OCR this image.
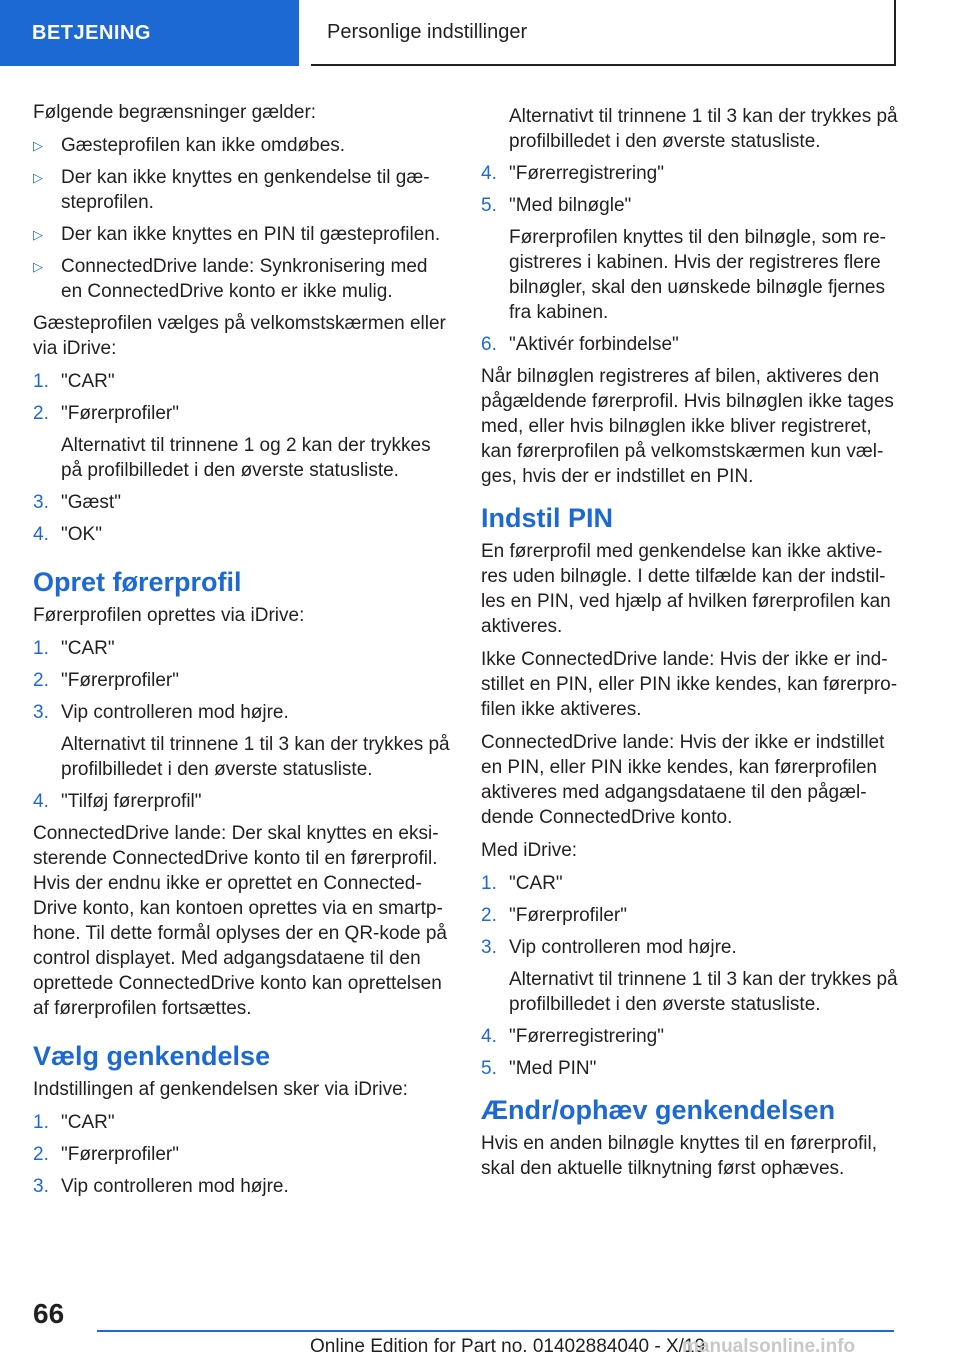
BETJENING	Personlige indstillinger

Følgende begrænsninger gælder:

▷ Gæsteprofilen kan ikke omdøbes.
▷ Der kan ikke knyttes en genkendelse til gæsteprofilen.
▷ Der kan ikke knyttes en PIN til gæsteprofilen.
▷ ConnectedDrive lande: Synkronisering med en ConnectedDrive konto er ikke mulig.

Gæsteprofilen vælges på velkomstskærmen eller via iDrive:

1. "CAR"
2. "Førerprofiler"

Alternativt til trinnene 1 og 2 kan der trykkes på profilbilledet i den øverste statusliste.

3. "Gæst"
4. "OK"
Opret førerprofil

Førerprofilen oprettes via iDrive:

1. "CAR"
2. "Førerprofiler"
3. Vip controlleren mod højre.

Alternativt til trinnene 1 til 3 kan der trykkes på profilbilledet i den øverste statusliste.

4. "Tilføj førerprofil"

ConnectedDrive lande: Der skal knyttes en eksisterende ConnectedDrive konto til en førerprofil. Hvis der endnu ikke er oprettet en ConnectedDrive konto, kan kontoen oprettes via en smartphone. Til dette formål oplyses der en QR-kode på control displayet. Med adgangsdataene til den oprettede ConnectedDrive konto kan oprettelsen af førerprofilen fortsættes.

Vælg genkendelse

Indstillingen af genkendelsen sker via iDrive:

1. "CAR"
2. "Førerprofiler"
3. Vip controlleren mod højre.

Alternativt til trinnene 1 til 3 kan der trykkes på profilbilledet i den øverste statusliste.

4. "Førerregistrering"
5. "Med bilnøgle"

Førerprofilen knyttes til den bilnøgle, som registreres i kabinen. Hvis der registreres flere bilnøgler, skal den uønskede bilnøgle fjernes fra kabinen.

6. "Aktivér forbindelse"

Når bilnøglen registreres af bilen, aktiveres den pågældende førerprofil. Hvis bilnøglen ikke tages med, eller hvis bilnøglen ikke bliver registreret, kan førerprofilen på velkomstskærmen kun vælges, hvis der er indstillet en PIN.

Indstil PIN

En førerprofil med genkendelse kan ikke aktiveres uden bilnøgle. I dette tilfælde kan der indstilles en PIN, ved hjælp af hvilken førerprofilen kan aktiveres.

Ikke ConnectedDrive lande: Hvis der ikke er indstillet en PIN, eller PIN ikke kendes, kan førerprofilen ikke aktiveres.

ConnectedDrive lande: Hvis der ikke er indstillet en PIN, eller PIN ikke kendes, kan førerprofilen aktiveres med adgangsdataene til den pågældende ConnectedDrive konto.

Med iDrive:

1. "CAR"
2. "Førerprofiler"
3. Vip controlleren mod højre.

Alternativt til trinnene 1 til 3 kan der trykkes på profilbilledet i den øverste statusliste.

4. "Førerregistrering"
5. "Med PIN"
Ændr/ophæv genkendelsen

Hvis en anden bilnøgle knyttes til en førerprofil, skal den aktuelle tilknytning først ophæves.

66
Online Edition for Part no. 01402884040 - X/19
manualsonline.info
